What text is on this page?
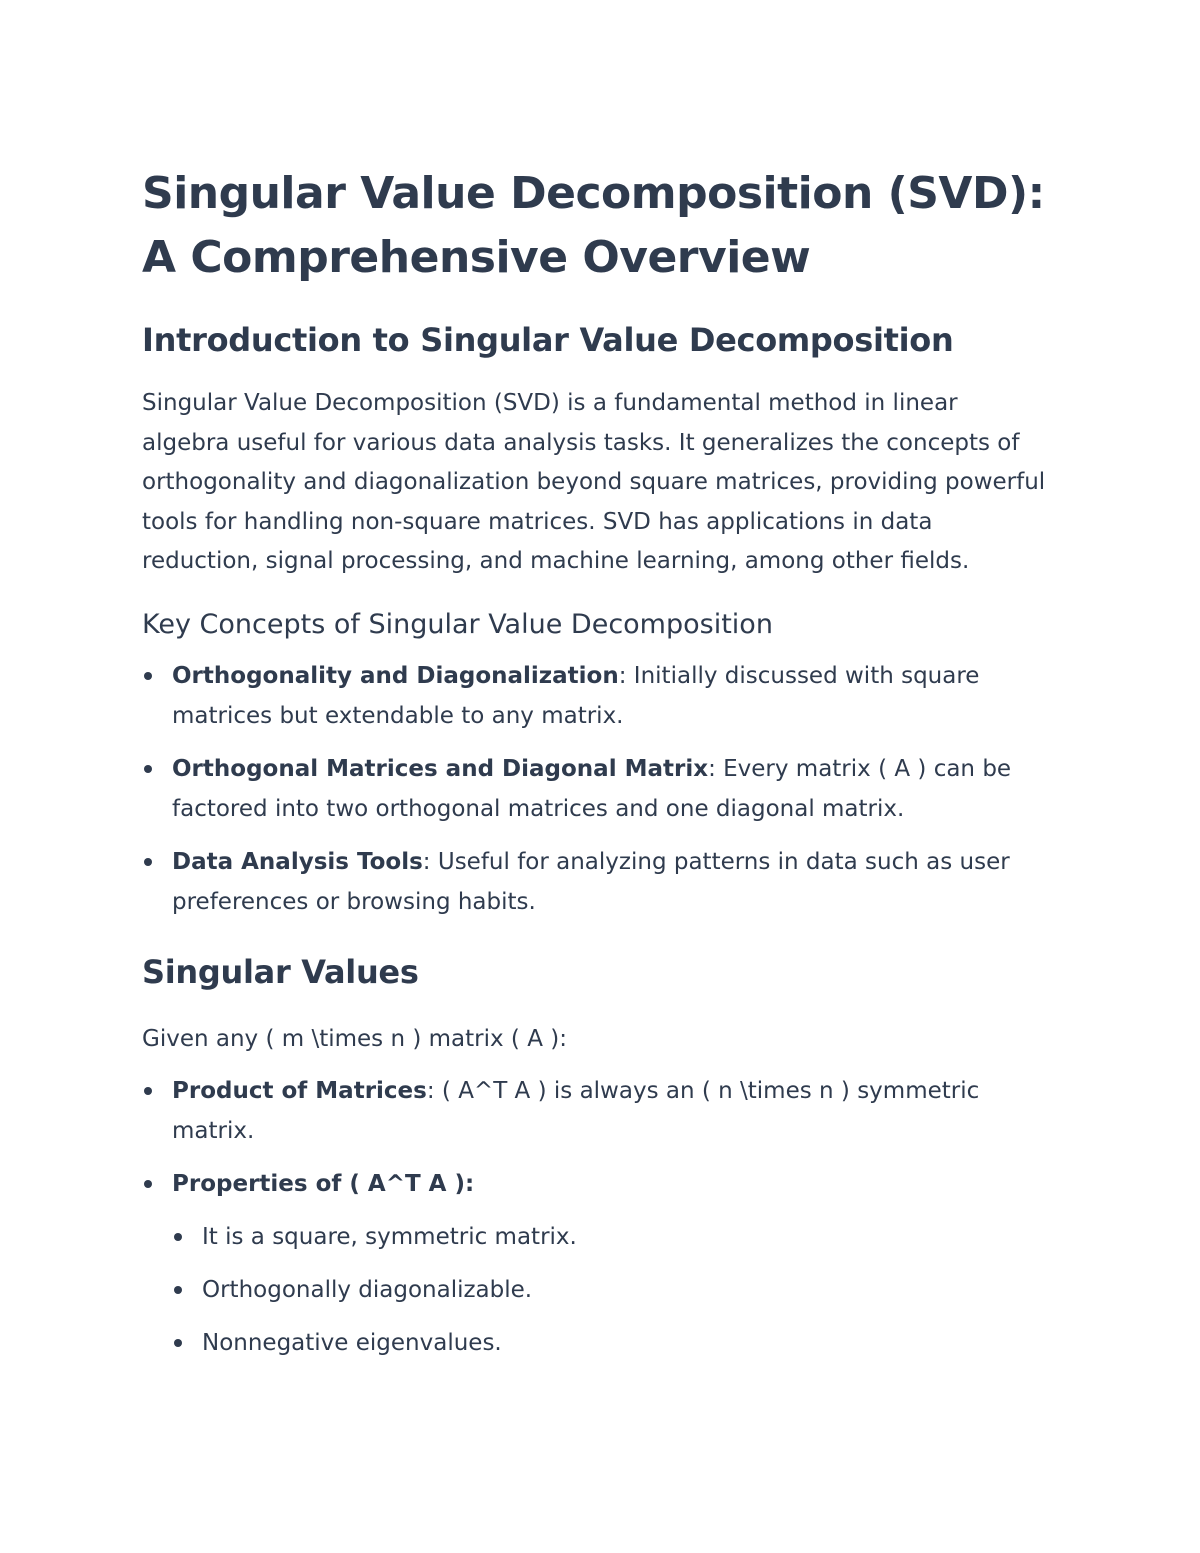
Singular Value Decomposition (SVD): A Comprehensive Overview
Introduction to Singular Value Decomposition

Singular Value Decomposition (SVD) is a fundamental method in linear algebra useful for various data analysis tasks. It generalizes the concepts of orthogonality and diagonalization beyond square matrices, providing powerful tools for handling non-square matrices. SVD has applications in data reduction, signal processing, and machine learning, among other fields.

Key Concepts of Singular Value Decomposition
Orthogonality and Diagonalization: Initially discussed with square matrices but extendable to any matrix.
Orthogonal Matrices and Diagonal Matrix: Every matrix ( A ) can be factored into two orthogonal matrices and one diagonal matrix.
Data Analysis Tools: Useful for analyzing patterns in data such as user preferences or browsing habits.
Singular Values

Given any ( m \times n ) matrix ( A ):

Product of Matrices: ( A^T A ) is always an ( n \times n ) symmetric matrix.
Properties of ( A^T A ):
It is a square, symmetric matrix.
Orthogonally diagonalizable.
Nonnegative eigenvalues.
